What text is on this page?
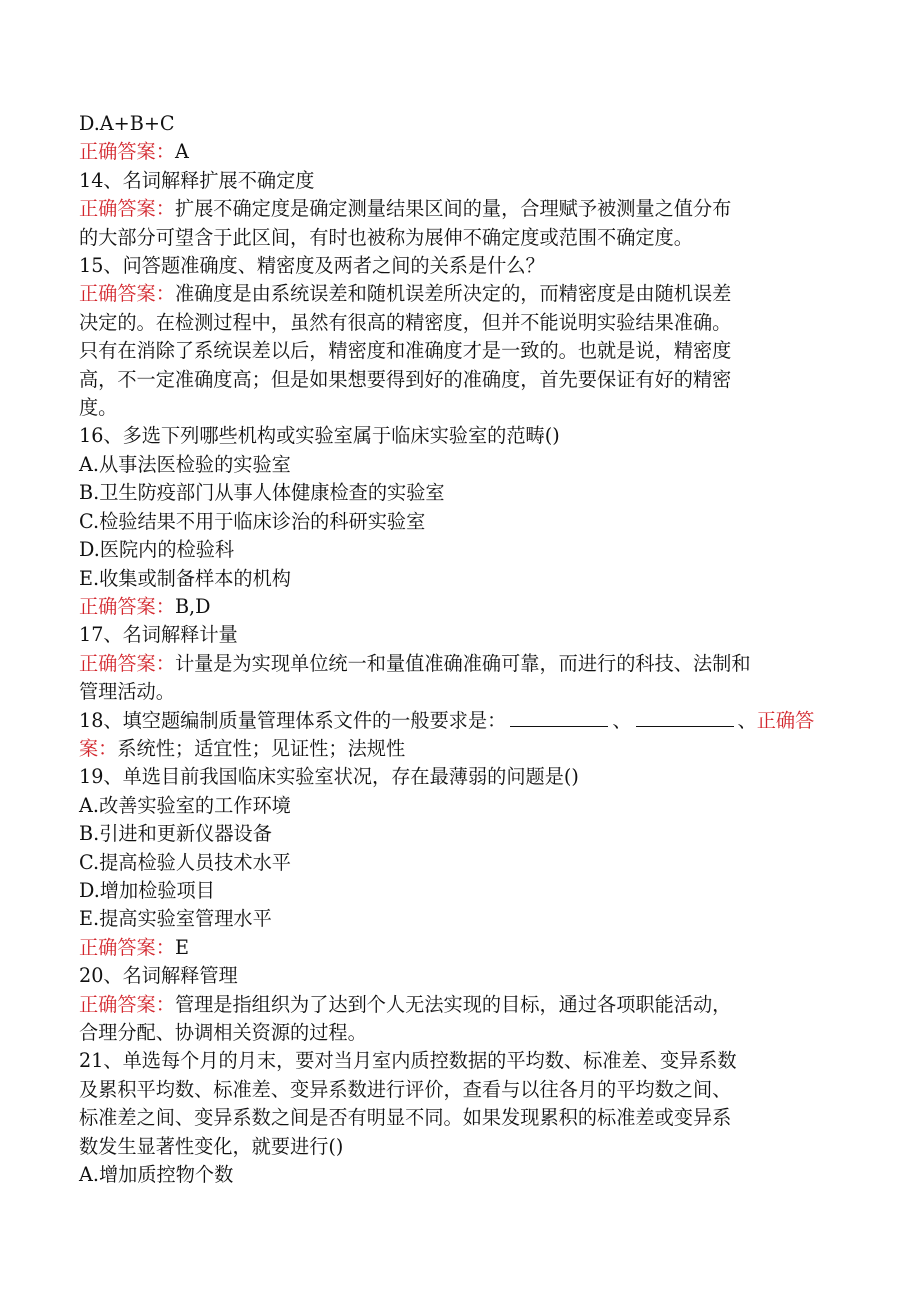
D.A+B+C
正确答案：A
14、名词解释扩展不确定度
正确答案：扩展不确定度是确定测量结果区间的量，合理赋予被测量之值分布
的大部分可望含于此区间，有时也被称为展伸不确定度或范围不确定度。
15、问答题准确度、精密度及两者之间的关系是什么？
正确答案：准确度是由系统误差和随机误差所决定的，而精密度是由随机误差
决定的。在检测过程中，虽然有很高的精密度，但并不能说明实验结果准确。
只有在消除了系统误差以后，精密度和准确度才是一致的。也就是说，精密度
高，不一定准确度高；但是如果想要得到好的准确度，首先要保证有好的精密
度。
16、多选下列哪些机构或实验室属于临床实验室的范畴()
A.从事法医检验的实验室
B.卫生防疫部门从事人体健康检查的实验室
C.检验结果不用于临床诊治的科研实验室
D.医院内的检验科
E.收集或制备样本的机构
正确答案：B,D
17、名词解释计量
正确答案：计量是为实现单位统一和量值准确准确可靠，而进行的科技、法制和
管理活动。
18、填空题编制质量管理体系文件的一般要求是：	、	、正确答
案：系统性；适宜性；见证性；法规性
19、单选目前我国临床实验室状况，存在最薄弱的问题是()
A.改善实验室的工作环境
B.引进和更新仪器设备
C.提高检验人员技术水平
D.增加检验项目
E.提高实验室管理水平
正确答案：E
20、名词解释管理
正确答案：管理是指组织为了达到个人无法实现的目标，通过各项职能活动，
合理分配、协调相关资源的过程。
21、单选每个月的月末，要对当月室内质控数据的平均数、标准差、变异系数
及累积平均数、标准差、变异系数进行评价，查看与以往各月的平均数之间、
标准差之间、变异系数之间是否有明显不同。如果发现累积的标准差或变异系
数发生显著性变化，就要进行()
A.增加质控物个数
